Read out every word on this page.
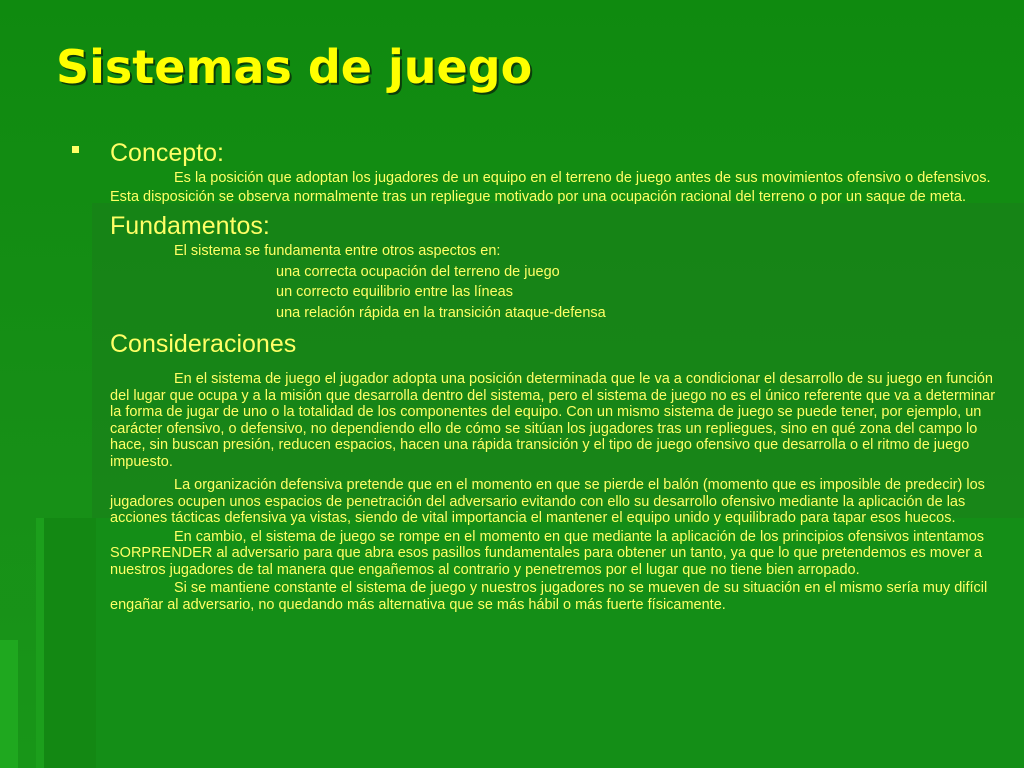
Sistemas de juego

Concepto:

Es la posición que adoptan los jugadores de un equipo en el terreno de juego antes de sus movimientos ofensivo o defensivos.

Esta disposición se observa normalmente tras un repliegue motivado por una ocupación racional del terreno o por un saque de meta.

Fundamentos:

El sistema se fundamenta entre otros aspectos en:

una correcta ocupación del terreno de juego

un correcto equilibrio entre las líneas

una relación rápida en la transición ataque-defensa

Consideraciones

En el sistema de juego el jugador adopta una posición determinada que le va a condicionar el desarrollo de su juego en función del lugar que ocupa y a la misión que desarrolla dentro del sistema, pero el sistema de juego no es el único referente que va a determinar la forma de jugar de uno o la totalidad de los componentes del equipo. Con un mismo sistema de juego se puede tener, por ejemplo, un carácter ofensivo, o defensivo, no dependiendo ello de cómo se sitúan los jugadores tras un repliegues, sino en qué zona del campo lo hace, sin buscan presión, reducen espacios, hacen una rápida transición y el tipo de juego ofensivo que desarrolla o el ritmo de juego impuesto.

La organización defensiva pretende que en el momento en que se pierde el balón (momento que es imposible de predecir) los jugadores ocupen unos espacios de penetración del adversario evitando con ello su desarrollo ofensivo mediante la aplicación de las acciones tácticas defensiva ya vistas, siendo de vital importancia el mantener el equipo unido y equilibrado para tapar esos huecos.

En cambio, el sistema de juego se rompe en el momento en que mediante la aplicación de los principios ofensivos intentamos SORPRENDER al adversario para que abra esos pasillos fundamentales para obtener un tanto, ya que lo que pretendemos es mover a nuestros jugadores de tal manera que engañemos al contrario y penetremos por el lugar que no tiene bien arropado.

Si se mantiene constante el sistema de juego y nuestros jugadores no se mueven de su situación en el mismo sería muy difícil engañar al adversario, no quedando más alternativa que se más hábil o más fuerte físicamente.
